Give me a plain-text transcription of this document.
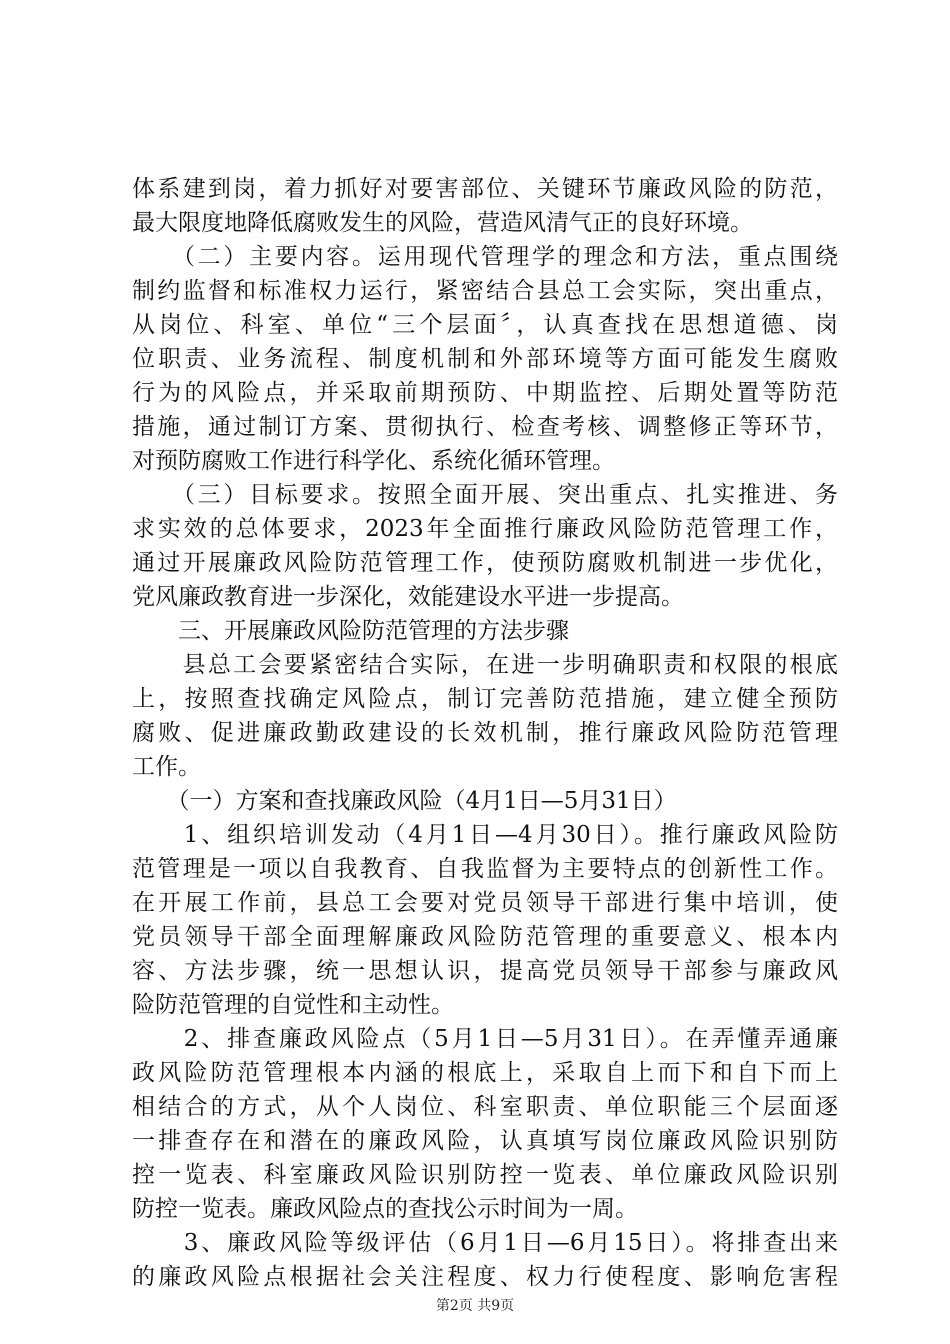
体系建到岗，着力抓好对要害部位、关键环节廉政风险的防范，
最大限度地降低腐败发生的风险，营造风清气正的良好环境。
　　（二）主要内容。运用现代管理学的理念和方法，重点围绕
制约监督和标准权力运行，紧密结合县总工会实际，突出重点，
从岗位、科室、单位“三个层面〞，认真查找在思想道德、岗
位职责、业务流程、制度机制和外部环境等方面可能发生腐败
行为的风险点，并采取前期预防、中期监控、后期处置等防范
措施，通过制订方案、贯彻执行、检查考核、调整修正等环节，
对预防腐败工作进行科学化、系统化循环管理。
　　（三）目标要求。按照全面开展、突出重点、扎实推进、务
求实效的总体要求，2023年全面推行廉政风险防范管理工作，
通过开展廉政风险防范管理工作，使预防腐败机制进一步优化，
党风廉政教育进一步深化，效能建设水平进一步提高。
　　三、开展廉政风险防范管理的方法步骤
　　县总工会要紧密结合实际，在进一步明确职责和权限的根底
上，按照查找确定风险点，制订完善防范措施，建立健全预防
腐败、促进廉政勤政建设的长效机制，推行廉政风险防范管理
工作。
　　（一）方案和查找廉政风险（4月1日—5月31日）
　　1、组织培训发动（4月1日—4月30日）。推行廉政风险防
范管理是一项以自我教育、自我监督为主要特点的创新性工作。
在开展工作前，县总工会要对党员领导干部进行集中培训，使
党员领导干部全面理解廉政风险防范管理的重要意义、根本内
容、方法步骤，统一思想认识，提高党员领导干部参与廉政风
险防范管理的自觉性和主动性。
　　2、排查廉政风险点（5月1日—5月31日）。在弄懂弄通廉
政风险防范管理根本内涵的根底上，采取自上而下和自下而上
相结合的方式，从个人岗位、科室职责、单位职能三个层面逐
一排查存在和潜在的廉政风险，认真填写岗位廉政风险识别防
控一览表、科室廉政风险识别防控一览表、单位廉政风险识别
防控一览表。廉政风险点的查找公示时间为一周。
　　3、廉政风险等级评估（6月1日—6月15日）。将排查出来
的廉政风险点根据社会关注程度、权力行使程度、影响危害程
第2页 共9页
